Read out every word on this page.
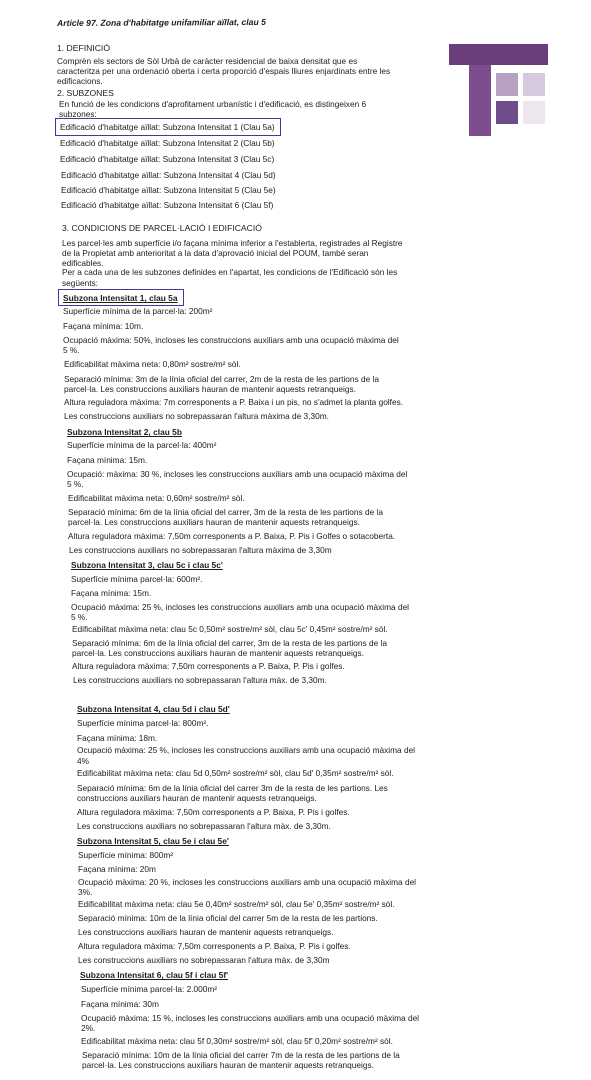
Article 97. Zona d'habitatge unifamiliar aïllat, clau 5
1. DEFINICIÓ
Comprèn els sectors de Sòl Urbà de caràcter residencial de baixa densitat que es
caracteritza per una ordenació oberta i certa proporció d'espais lliures enjardinats entre les
edificacions.
2. SUBZONES
En funció de les condicions d'aprofitament urbanístic i d'edificació, es distingeixen 6
subzones:
Edificació d'habitatge aïllat: Subzona Intensitat 1 (Clau 5a)
Edificació d'habitatge aïllat: Subzona Intensitat 2 (Clau 5b)
Edificació d'habitatge aïllat: Subzona Intensitat 3 (Clau 5c)
Edificació d'habitatge aïllat: Subzona Intensitat 4 (Clau 5d)
Edificació d'habitatge aïllat: Subzona Intensitat 5 (Clau 5e)
Edificació d'habitatge aïllat: Subzona Intensitat 6 (Clau 5f)
3. CONDICIONS DE PARCEL·LACIÓ I EDIFICACIÓ
Les parcel·les amb superfície i/o façana mínima inferior a l'establerta, registrades al Registre
de la Propietat amb anterioritat a la data d'aprovació inicial del POUM, també seran
edificables.
Per a cada una de les subzones definides en l'apartat, les condicions de l'Edificació són les
següents:
Subzona Intensitat 1, clau 5a
Superfície mínima de la parcel·la: 200m²
Façana mínima: 10m.
Ocupació màxima: 50%, incloses les construccions auxiliars amb una ocupació màxima del
5 %.
Edificabilitat màxima neta: 0,80m² sostre/m² sòl.
Separació mínima: 3m de la línia oficial del carrer, 2m de la resta de les partions de la
parcel·la. Les construccions auxiliars hauran de mantenir aquests retranqueigs.
Altura reguladora màxima: 7m corresponents a P. Baixa i un pis, no s'admet la planta golfes.
Les construccions auxiliars no sobrepassaran l'altura màxima de 3,30m.
Subzona Intensitat 2, clau 5b
Superfície mínima de la parcel·la: 400m²
Façana mínima: 15m.
Ocupació: màxima: 30 %, incloses les construccions auxiliars amb una ocupació màxima del
5 %.
Edificabilitat màxima neta: 0,60m² sostre/m² sòl.
Separació mínima: 6m de la línia oficial del carrer, 3m de la resta de les partions de la
parcel·la. Les construccions auxiliars hauran de mantenir aquests retranqueigs.
Altura reguladora màxima: 7,50m corresponents a P. Baixa, P. Pis i Golfes o sotacoberta.
Les construccions auxiliars no sobrepassaran l'altura màxima de 3,30m
Subzona Intensitat 3, clau 5c i clau 5c'
Superfície mínima parcel·la: 600m².
Façana mínima: 15m.
Ocupació màxima: 25 %, incloses les construccions auxiliars amb una ocupació màxima del
5 %.
Edificabilitat màxima neta: clau 5c 0,50m² sostre/m² sòl, clau 5c' 0,45m² sostre/m² sòl.
Separació mínima: 6m de la línia oficial del carrer, 3m de la resta de les partions de la
parcel·la. Les construccions auxiliars hauran de mantenir aquests retranqueigs.
Altura reguladora màxima: 7,50m corresponents a P. Baixa, P. Pis i golfes.
Les construccions auxiliars no sobrepassaran l'altura màx. de 3,30m.
Subzona Intensitat 4, clau 5d i clau 5d'
Superfície mínima parcel·la: 800m².
Façana mínima: 18m.
Ocupació màxima: 25 %, incloses les construccions auxiliars amb una ocupació màxima del
4%
Edificabilitat màxima neta: clau 5d 0,50m² sostre/m² sòl, clau 5d' 0,35m² sostre/m² sòl.
Separació mínima: 6m de la línia oficial del carrer 3m de la resta de les partions. Les
construccions auxiliars hauran de mantenir aquests retranqueigs.
Altura reguladora màxima: 7,50m corresponents a P. Baixa, P. Pis i golfes.
Les construccions auxiliars no sobrepassaran l'altura màx. de 3,30m.
Subzona Intensitat 5, clau 5e i clau 5e'
Superfície mínima: 800m²
Façana mínima: 20m
Ocupació màxima: 20 %, incloses les construccions auxiliars amb una ocupació màxima del
3%.
Edificabilitat màxima neta: clau 5e 0,40m² sostre/m² sòl, clau 5e' 0,35m² sostre/m² sòl.
Separació mínima: 10m de la línia oficial del carrer 5m de la resta de les partions.
Les construccions auxiliars hauran de mantenir aquests retranqueigs.
Altura reguladora màxima: 7,50m corresponents a P. Baixa, P. Pis i golfes.
Les construccions auxiliars no sobrepassaran l'altura màx. de 3,30m
Subzona Intensitat 6, clau 5f i clau 5f'
Superfície mínima parcel·la: 2.000m²
Façana mínima: 30m
Ocupació màxima: 15 %, incloses les construccions auxiliars amb una ocupació màxima del
2%.
Edificabilitat màxima neta: clau 5f 0,30m² sostre/m² sòl, clau 5f' 0,20m² sostre/m² sòl.
Separació mínima: 10m de la línia oficial del carrer 7m de la resta de les partions de la
parcel·la. Les construccions auxiliars hauran de mantenir aquests retranqueigs.
